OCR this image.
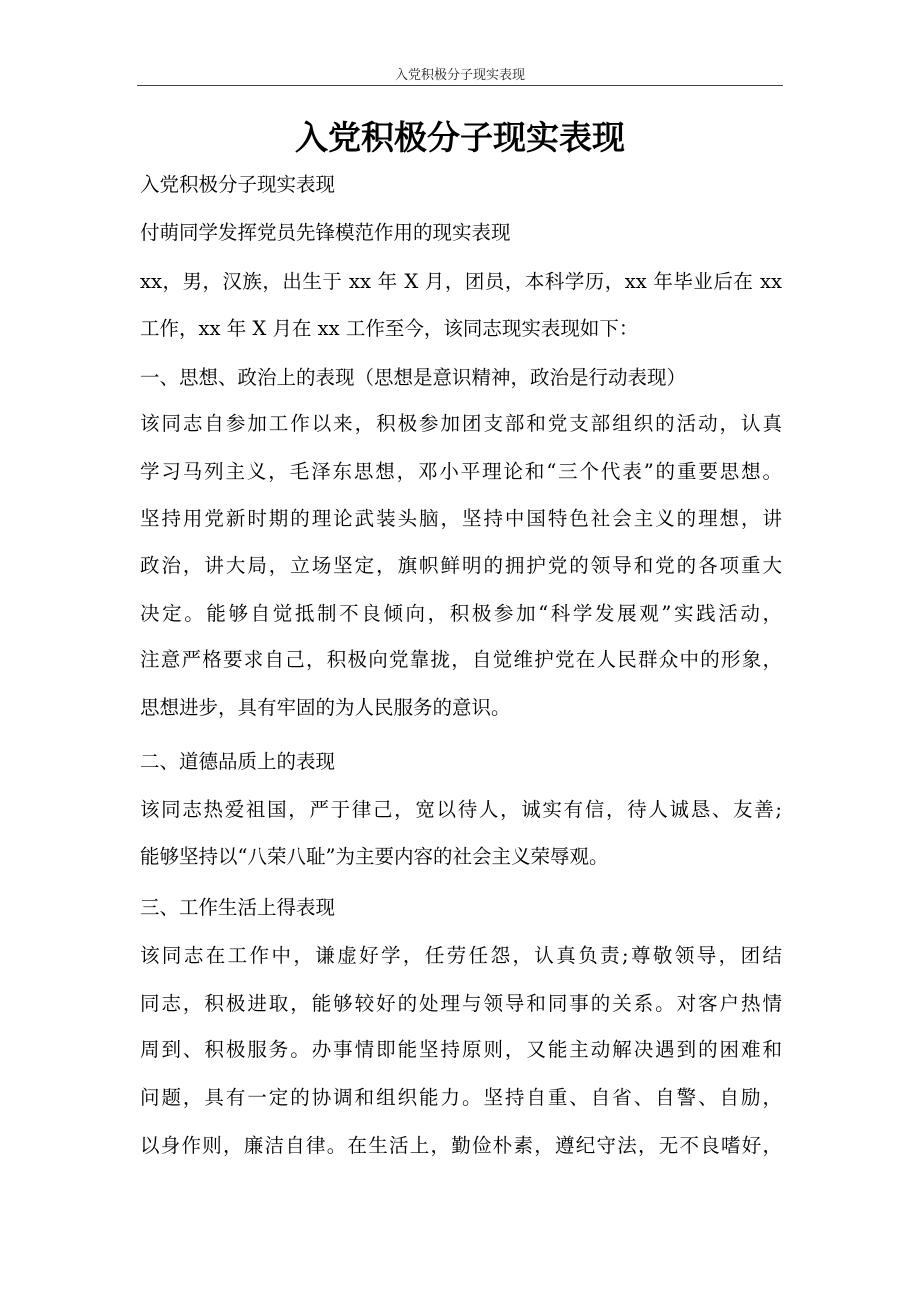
入党积极分子现实表现
入党积极分子现实表现
入党积极分子现实表现
付萌同学发挥党员先锋模范作用的现实表现
xx，男，汉族，出生于 xx 年 X 月，团员，本科学历，xx 年毕业后在 xx
工作，xx 年 X 月在 xx 工作至今，该同志现实表现如下：
一、思想、政治上的表现（思想是意识精神，政治是行动表现）
该同志自参加工作以来，积极参加团支部和党支部组织的活动，认真
学习马列主义，毛泽东思想，邓小平理论和“三个代表”的重要思想。
坚持用党新时期的理论武装头脑，坚持中国特色社会主义的理想，讲
政治，讲大局，立场坚定，旗帜鲜明的拥护党的领导和党的各项重大
决定。能够自觉抵制不良倾向，积极参加“科学发展观”实践活动，
注意严格要求自己，积极向党靠拢，自觉维护党在人民群众中的形象，
思想进步，具有牢固的为人民服务的意识。
二、道德品质上的表现
该同志热爱祖国，严于律己，宽以待人，诚实有信，待人诚恳、友善;
能够坚持以“八荣八耻”为主要内容的社会主义荣辱观。
三、工作生活上得表现
该同志在工作中，谦虚好学，任劳任怨，认真负责;尊敬领导，团结
同志，积极进取，能够较好的处理与领导和同事的关系。对客户热情
周到、积极服务。办事情即能坚持原则，又能主动解决遇到的困难和
问题，具有一定的协调和组织能力。坚持自重、自省、自警、自励，
以身作则，廉洁自律。在生活上，勤俭朴素，遵纪守法，无不良嗜好，
